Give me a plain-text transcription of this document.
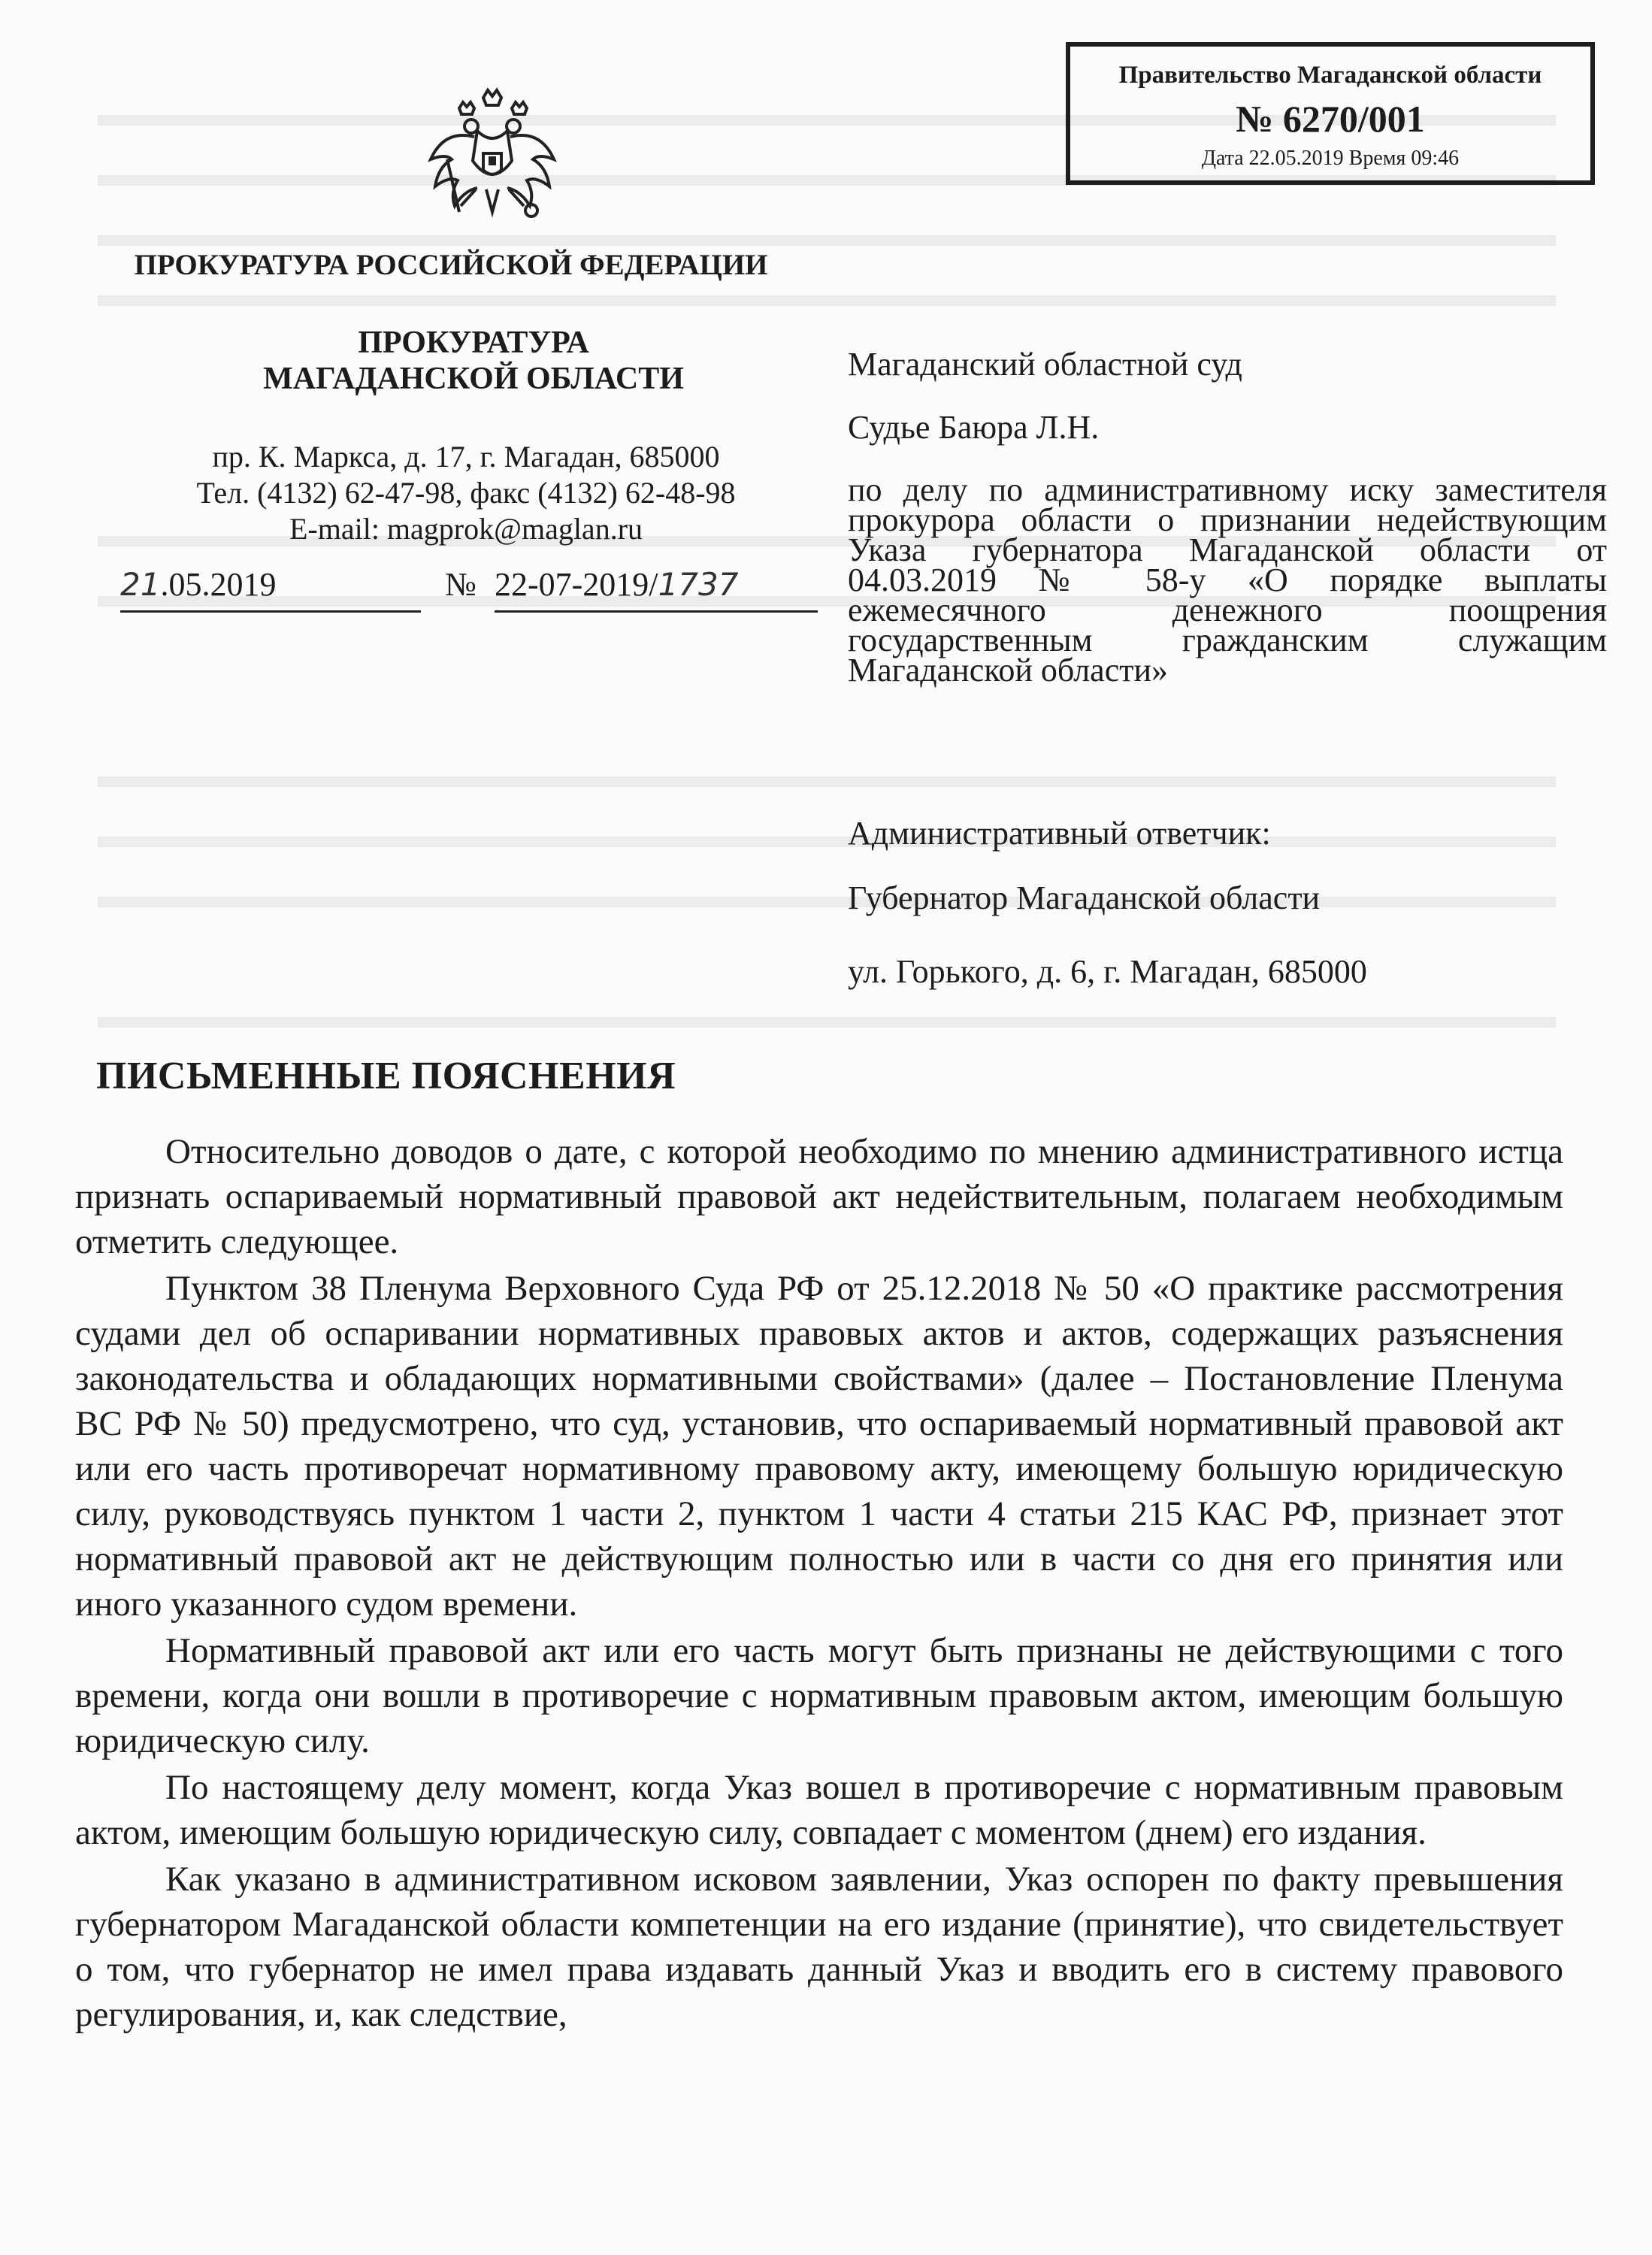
Правительство Магаданской области
№ 6270/001
Дата 22.05.2019 Время 09:46
ПРОКУРАТУРА РОССИЙСКОЙ ФЕДЕРАЦИИ
ПРОКУРАТУРА
МАГАДАНСКОЙ ОБЛАСТИ
пр. К. Маркса, д. 17, г. Магадан, 685000
Тел. (4132) 62-47-98, факс (4132) 62-48-98
E-mail: magprok@maglan.ru
21.05.2019	№ 22-07-2019/1737
Магаданский областной суд
Судье Баюра Л.Н.
по делу по административному иску заместителя прокурора области о признании недействующим Указа губернатора Магаданской области от 04.03.2019 № 58-у «О порядке выплаты ежемесячного денежного поощрения государственным гражданским служащим Магаданской области»
Административный ответчик:
Губернатор Магаданской области
ул. Горького, д. 6, г. Магадан, 685000
ПИСЬМЕННЫЕ ПОЯСНЕНИЯ

Относительно доводов о дате, с которой необходимо по мнению административного истца признать оспариваемый нормативный правовой акт недействительным, полагаем необходимым отметить следующее.

Пунктом 38 Пленума Верховного Суда РФ от 25.12.2018 № 50 «О практике рассмотрения судами дел об оспаривании нормативных правовых актов и актов, содержащих разъяснения законодательства и обладающих нормативными свойствами» (далее – Постановление Пленума ВС РФ № 50) предусмотрено, что суд, установив, что оспариваемый нормативный правовой акт или его часть противоречат нормативному правовому акту, имеющему большую юридическую силу, руководствуясь пунктом 1 части 2, пунктом 1 части 4 статьи 215 КАС РФ, признает этот нормативный правовой акт не действующим полностью или в части со дня его принятия или иного указанного судом времени.

Нормативный правовой акт или его часть могут быть признаны не действующими с того времени, когда они вошли в противоречие с нормативным правовым актом, имеющим большую юридическую силу.

По настоящему делу момент, когда Указ вошел в противоречие с нормативным правовым актом, имеющим большую юридическую силу, совпадает с моментом (днем) его издания.

Как указано в административном исковом заявлении, Указ оспорен по факту превышения губернатором Магаданской области компетенции на его издание (принятие), что свидетельствует о том, что губернатор не имел права издавать данный Указ и вводить его в систему правового регулирования, и, как следствие,
